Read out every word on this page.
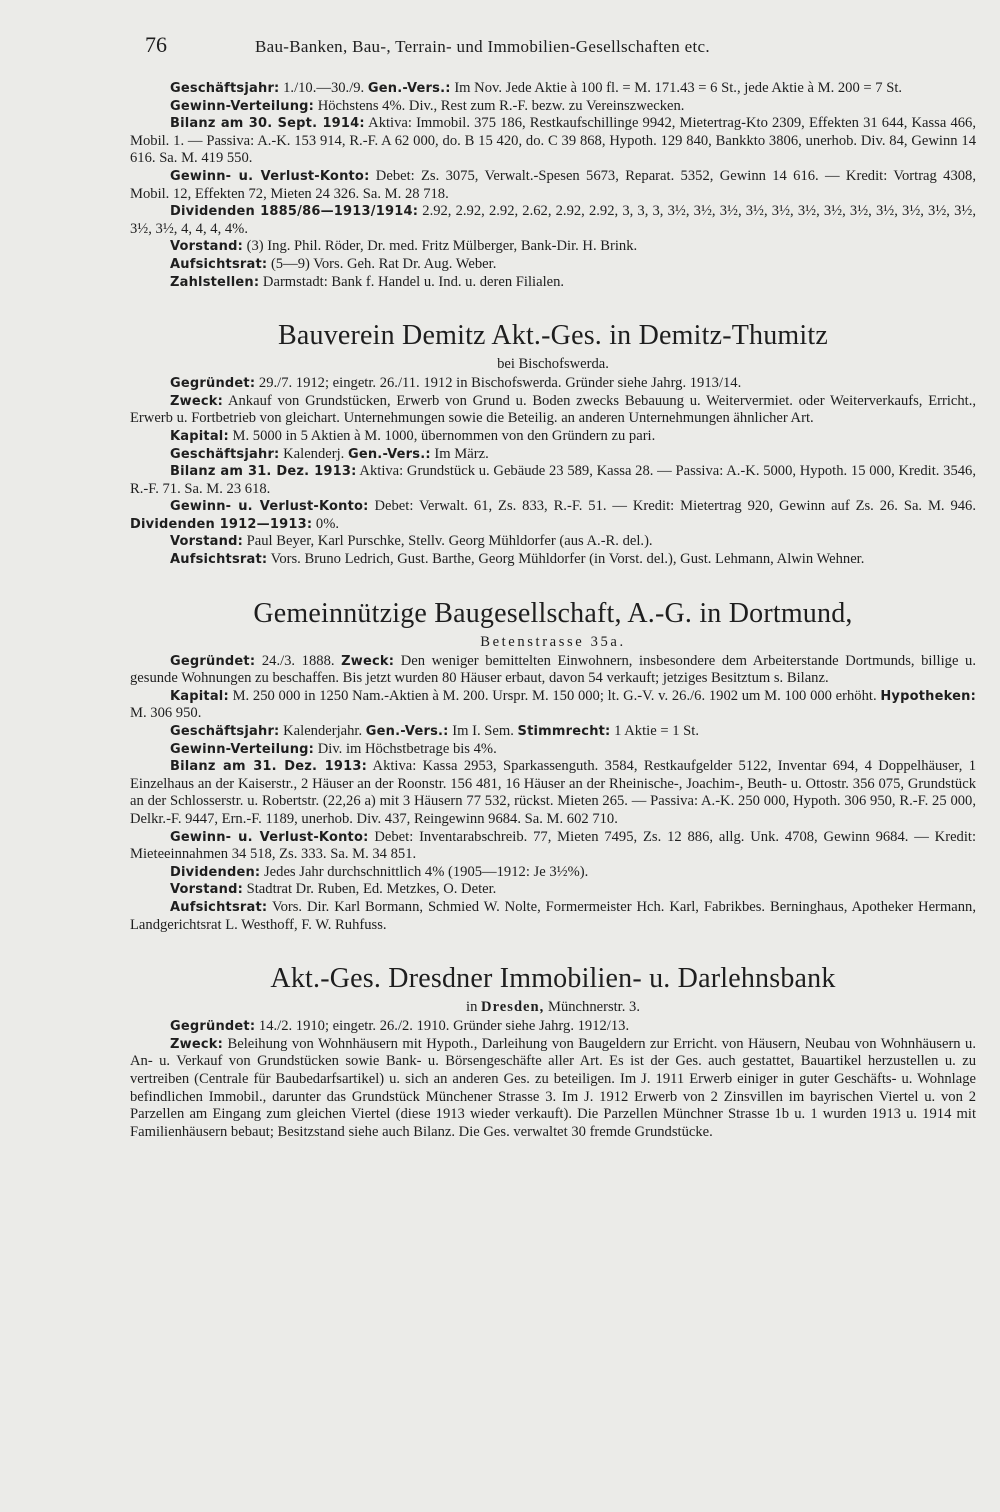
76	Bau-Banken, Bau-, Terrain- und Immobilien-Gesellschaften etc.

Geschäftsjahr: 1./10.—30./9. Gen.-Vers.: Im Nov. Jede Aktie à 100 fl. = M. 171.43 = 6 St., jede Aktie à M. 200 = 7 St.

Gewinn-Verteilung: Höchstens 4%. Div., Rest zum R.-F. bezw. zu Vereinszwecken.

Bilanz am 30. Sept. 1914: Aktiva: Immobil. 375 186, Restkaufschillinge 9942, Mietertrag-Kto 2309, Effekten 31 644, Kassa 466, Mobil. 1. — Passiva: A.-K. 153 914, R.-F. A 62 000, do. B 15 420, do. C 39 868, Hypoth. 129 840, Bankkto 3806, unerhob. Div. 84, Gewinn 14 616. Sa. M. 419 550.

Gewinn- u. Verlust-Konto: Debet: Zs. 3075, Verwalt.-Spesen 5673, Reparat. 5352, Gewinn 14 616. — Kredit: Vortrag 4308, Mobil. 12, Effekten 72, Mieten 24 326. Sa. M. 28 718.

Dividenden 1885/86—1913/1914: 2.92, 2.92, 2.92, 2.62, 2.92, 2.92, 3, 3, 3, 3½, 3½, 3½, 3½, 3½, 3½, 3½, 3½, 3½, 3½, 3½, 3½, 3½, 3½, 4, 4, 4, 4%.

Vorstand: (3) Ing. Phil. Röder, Dr. med. Fritz Mülberger, Bank-Dir. H. Brink.

Aufsichtsrat: (5—9) Vors. Geh. Rat Dr. Aug. Weber.

Zahlstellen: Darmstadt: Bank f. Handel u. Ind. u. deren Filialen.

Bauverein Demitz Akt.-Ges. in Demitz-Thumitz
bei Bischofswerda.

Gegründet: 29./7. 1912; eingetr. 26./11. 1912 in Bischofswerda. Gründer siehe Jahrg. 1913/14.

Zweck: Ankauf von Grundstücken, Erwerb von Grund u. Boden zwecks Bebauung u. Weitervermiet. oder Weiterverkaufs, Erricht., Erwerb u. Fortbetrieb von gleichart. Unternehmungen sowie die Beteilig. an anderen Unternehmungen ähnlicher Art.

Kapital: M. 5000 in 5 Aktien à M. 1000, übernommen von den Gründern zu pari.

Geschäftsjahr: Kalenderj. Gen.-Vers.: Im März.

Bilanz am 31. Dez. 1913: Aktiva: Grundstück u. Gebäude 23 589, Kassa 28. — Passiva: A.-K. 5000, Hypoth. 15 000, Kredit. 3546, R.-F. 71. Sa. M. 23 618.

Gewinn- u. Verlust-Konto: Debet: Verwalt. 61, Zs. 833, R.-F. 51. — Kredit: Mietertrag 920, Gewinn auf Zs. 26. Sa. M. 946. Dividenden 1912—1913: 0%.

Vorstand: Paul Beyer, Karl Purschke, Stellv. Georg Mühldorfer (aus A.-R. del.).

Aufsichtsrat: Vors. Bruno Ledrich, Gust. Barthe, Georg Mühldorfer (in Vorst. del.), Gust. Lehmann, Alwin Wehner.

Gemeinnützige Baugesellschaft, A.-G. in Dortmund,
Betenstrasse 35a.

Gegründet: 24./3. 1888. Zweck: Den weniger bemittelten Einwohnern, insbesondere dem Arbeiterstande Dortmunds, billige u. gesunde Wohnungen zu beschaffen. Bis jetzt wurden 80 Häuser erbaut, davon 54 verkauft; jetziges Besitztum s. Bilanz.

Kapital: M. 250 000 in 1250 Nam.-Aktien à M. 200. Urspr. M. 150 000; lt. G.-V. v. 26./6. 1902 um M. 100 000 erhöht. Hypotheken: M. 306 950.

Geschäftsjahr: Kalenderjahr. Gen.-Vers.: Im I. Sem. Stimmrecht: 1 Aktie = 1 St.

Gewinn-Verteilung: Div. im Höchstbetrage bis 4%.

Bilanz am 31. Dez. 1913: Aktiva: Kassa 2953, Sparkassenguth. 3584, Restkaufgelder 5122, Inventar 694, 4 Doppelhäuser, 1 Einzelhaus an der Kaiserstr., 2 Häuser an der Roonstr. 156 481, 16 Häuser an der Rheinische-, Joachim-, Beuth- u. Ottostr. 356 075, Grundstück an der Schlosserstr. u. Robertstr. (22,26 a) mit 3 Häusern 77 532, rückst. Mieten 265. — Passiva: A.-K. 250 000, Hypoth. 306 950, R.-F. 25 000, Delkr.-F. 9447, Ern.-F. 1189, unerhob. Div. 437, Reingewinn 9684. Sa. M. 602 710.

Gewinn- u. Verlust-Konto: Debet: Inventarabschreib. 77, Mieten 7495, Zs. 12 886, allg. Unk. 4708, Gewinn 9684. — Kredit: Mieteeinnahmen 34 518, Zs. 333. Sa. M. 34 851.

Dividenden: Jedes Jahr durchschnittlich 4% (1905—1912: Je 3½%).

Vorstand: Stadtrat Dr. Ruben, Ed. Metzkes, O. Deter.

Aufsichtsrat: Vors. Dir. Karl Bormann, Schmied W. Nolte, Formermeister Hch. Karl, Fabrikbes. Berninghaus, Apotheker Hermann, Landgerichtsrat L. Westhoff, F. W. Ruhfuss.

Akt.-Ges. Dresdner Immobilien- u. Darlehnsbank
in Dresden, Münchnerstr. 3.

Gegründet: 14./2. 1910; eingetr. 26./2. 1910. Gründer siehe Jahrg. 1912/13.

Zweck: Beleihung von Wohnhäusern mit Hypoth., Darleihung von Baugeldern zur Erricht. von Häusern, Neubau von Wohnhäusern u. An- u. Verkauf von Grundstücken sowie Bank- u. Börsengeschäfte aller Art. Es ist der Ges. auch gestattet, Bauartikel herzustellen u. zu vertreiben (Centrale für Baubedarfsartikel) u. sich an anderen Ges. zu beteiligen. Im J. 1911 Erwerb einiger in guter Geschäfts- u. Wohnlage befindlichen Immobil., darunter das Grundstück Münchener Strasse 3. Im J. 1912 Erwerb von 2 Zinsvillen im bayrischen Viertel u. von 2 Parzellen am Eingang zum gleichen Viertel (diese 1913 wieder verkauft). Die Parzellen Münchner Strasse 1b u. 1 wurden 1913 u. 1914 mit Familienhäusern bebaut; Besitzstand siehe auch Bilanz. Die Ges. verwaltet 30 fremde Grundstücke.
